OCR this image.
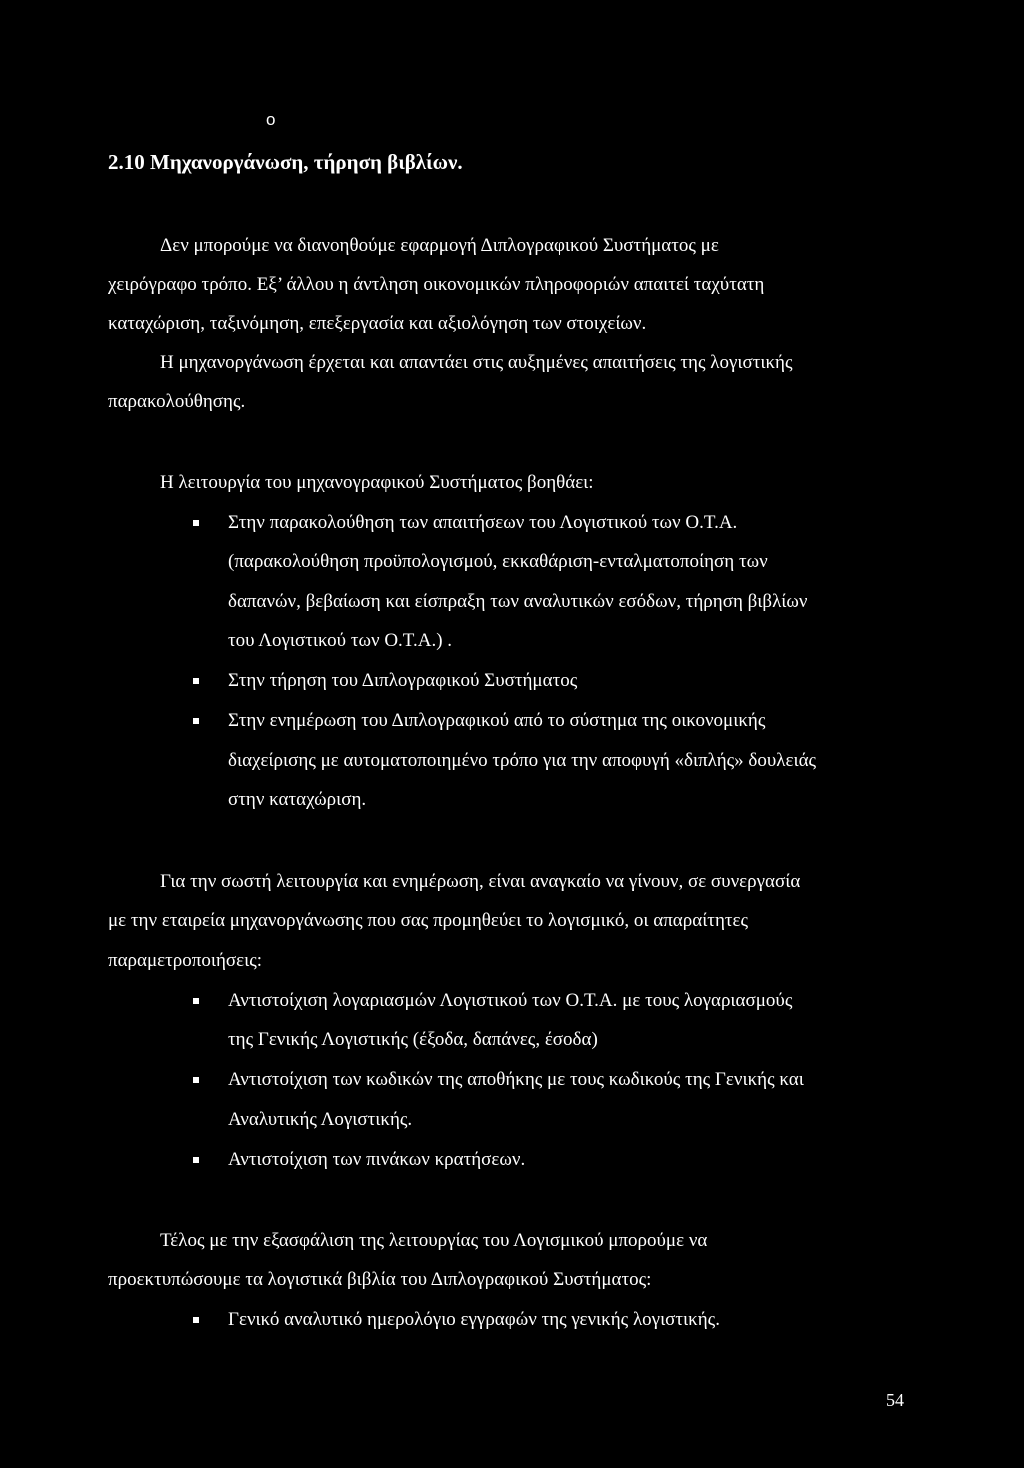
o
2.10 Μηχανοργάνωση, τήρηση βιβλίων.
Δεν μπορούμε να διανοηθούμε εφαρμογή Διπλογραφικού Συστήματος με
χειρόγραφο τρόπο. Εξ’ άλλου η άντληση οικονομικών πληροφοριών απαιτεί ταχύτατη
καταχώριση, ταξινόμηση, επεξεργασία και αξιολόγηση των στοιχείων.
Η μηχανοργάνωση έρχεται και απαντάει στις αυξημένες απαιτήσεις της λογιστικής
παρακολούθησης.
Η λειτουργία του μηχανογραφικού Συστήματος βοηθάει:
Στην παρακολούθηση των απαιτήσεων του Λογιστικού των Ο.Τ.Α.
(παρακολούθηση προϋπολογισμού, εκκαθάριση-ενταλματοποίηση των
δαπανών, βεβαίωση και είσπραξη των αναλυτικών εσόδων, τήρηση βιβλίων
του Λογιστικού των Ο.Τ.Α.) .
Στην τήρηση του Διπλογραφικού Συστήματος
Στην ενημέρωση του Διπλογραφικού από το σύστημα της οικονομικής
διαχείρισης με αυτοματοποιημένο τρόπο για την αποφυγή «διπλής» δουλειάς
στην καταχώριση.
Για την σωστή λειτουργία και ενημέρωση, είναι αναγκαίο να γίνουν, σε συνεργασία
με την εταιρεία μηχανοργάνωσης που σας προμηθεύει το λογισμικό, οι απαραίτητες
παραμετροποιήσεις:
Αντιστοίχιση λογαριασμών Λογιστικού των Ο.Τ.Α. με τους λογαριασμούς
της Γενικής Λογιστικής (έξοδα, δαπάνες, έσοδα)
Αντιστοίχιση των κωδικών της αποθήκης με τους κωδικούς της Γενικής και
Αναλυτικής Λογιστικής.
Αντιστοίχιση των πινάκων κρατήσεων.
Τέλος με την εξασφάλιση της λειτουργίας του Λογισμικού μπορούμε να
προεκτυπώσουμε τα λογιστικά βιβλία του Διπλογραφικού Συστήματος:
Γενικό αναλυτικό ημερολόγιο εγγραφών της γενικής λογιστικής.
54
